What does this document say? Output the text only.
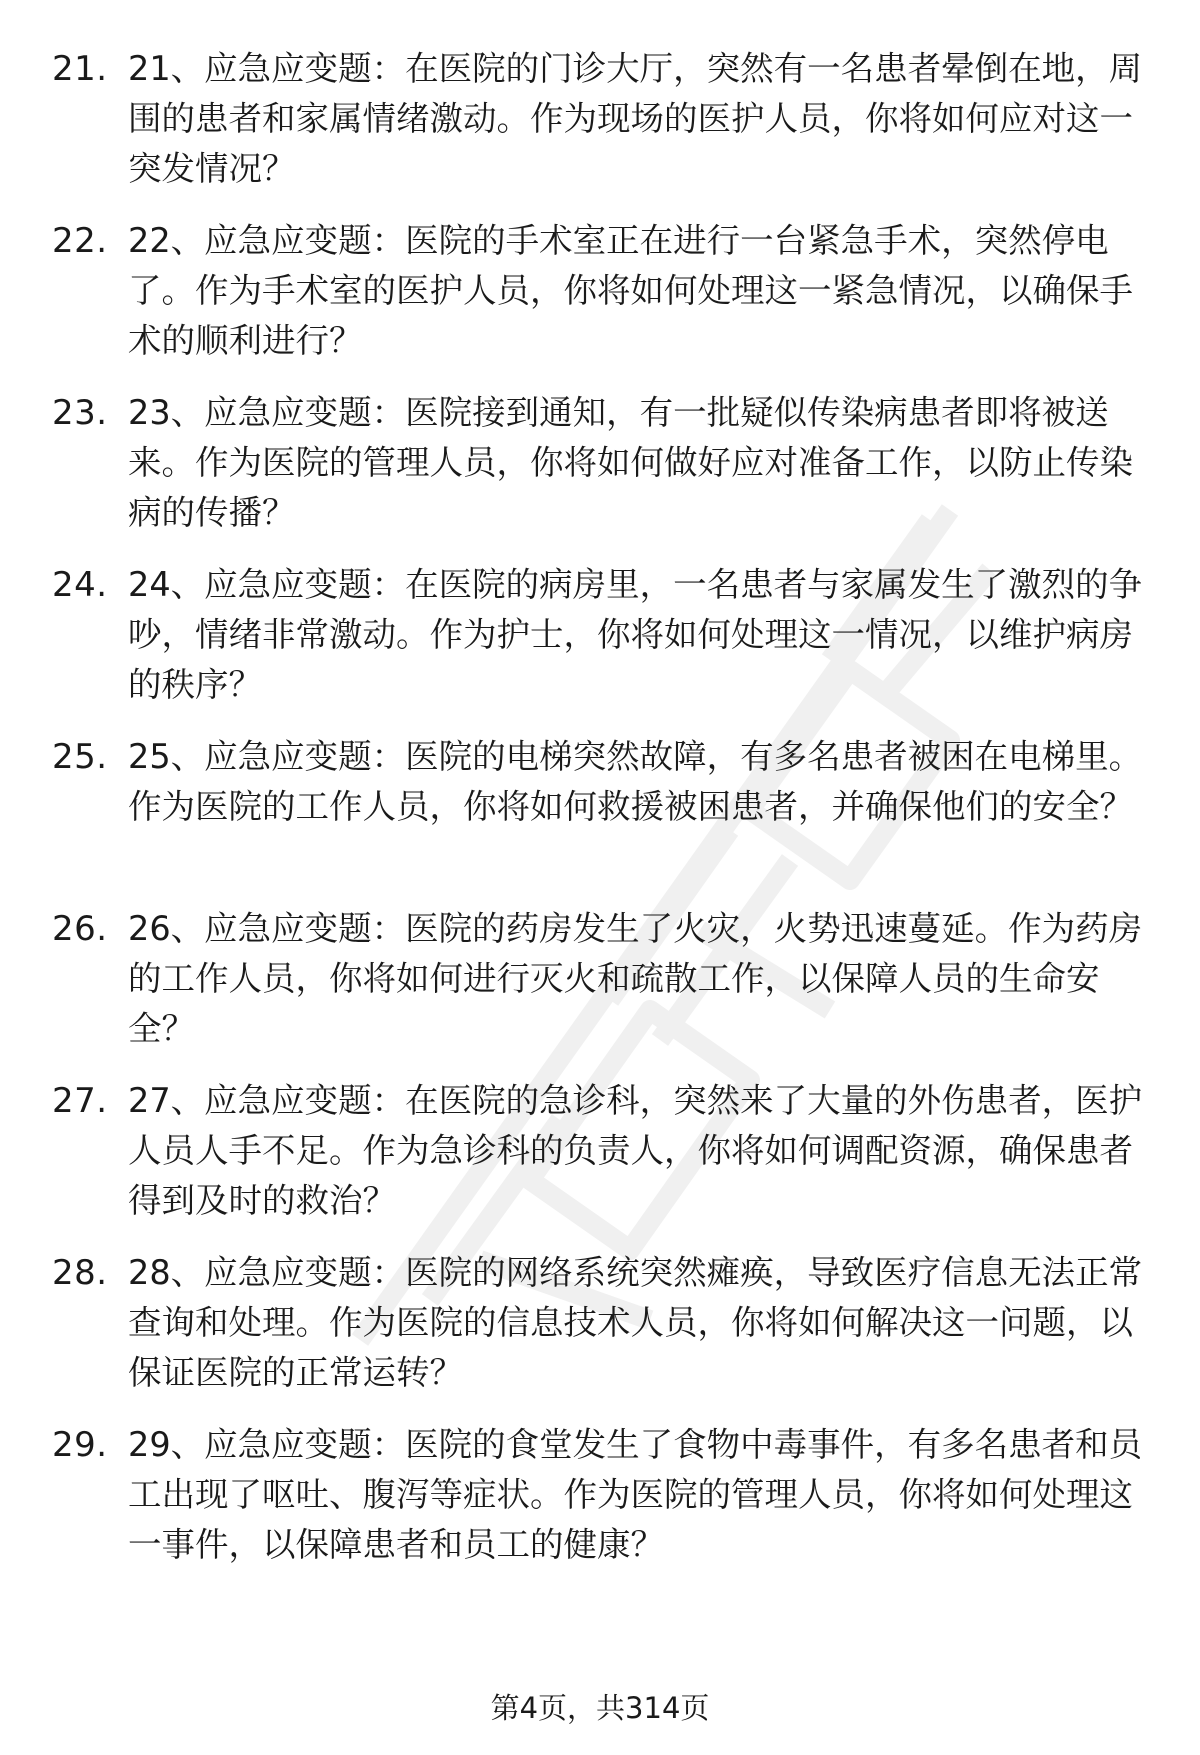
21. 21、应急应变题：在医院的门诊大厅，突然有一名患者晕倒在地，周围的患者和家属情绪激动。作为现场的医护人员，你将如何应对这一突发情况？
22. 22、应急应变题：医院的手术室正在进行一台紧急手术，突然停电了。作为手术室的医护人员，你将如何处理这一紧急情况，以确保手术的顺利进行？
23. 23、应急应变题：医院接到通知，有一批疑似传染病患者即将被送来。作为医院的管理人员，你将如何做好应对准备工作，以防止传染病的传播？
24. 24、应急应变题：在医院的病房里，一名患者与家属发生了激烈的争吵，情绪非常激动。作为护士，你将如何处理这一情况，以维护病房的秩序？
25. 25、应急应变题：医院的电梯突然故障，有多名患者被困在电梯里。作为医院的工作人员，你将如何救援被困患者，并确保他们的安全？
26. 26、应急应变题：医院的药房发生了火灾，火势迅速蔓延。作为药房的工作人员，你将如何进行灭火和疏散工作，以保障人员的生命安全？
27. 27、应急应变题：在医院的急诊科，突然来了大量的外伤患者，医护人员人手不足。作为急诊科的负责人，你将如何调配资源，确保患者得到及时的救治？
28. 28、应急应变题：医院的网络系统突然瘫痪，导致医疗信息无法正常查询和处理。作为医院的信息技术人员，你将如何解决这一问题，以保证医院的正常运转？
29. 29、应急应变题：医院的食堂发生了食物中毒事件，有多名患者和员工出现了呕吐、腹泻等症状。作为医院的管理人员，你将如何处理这一事件，以保障患者和员工的健康？
第4页，共314页
